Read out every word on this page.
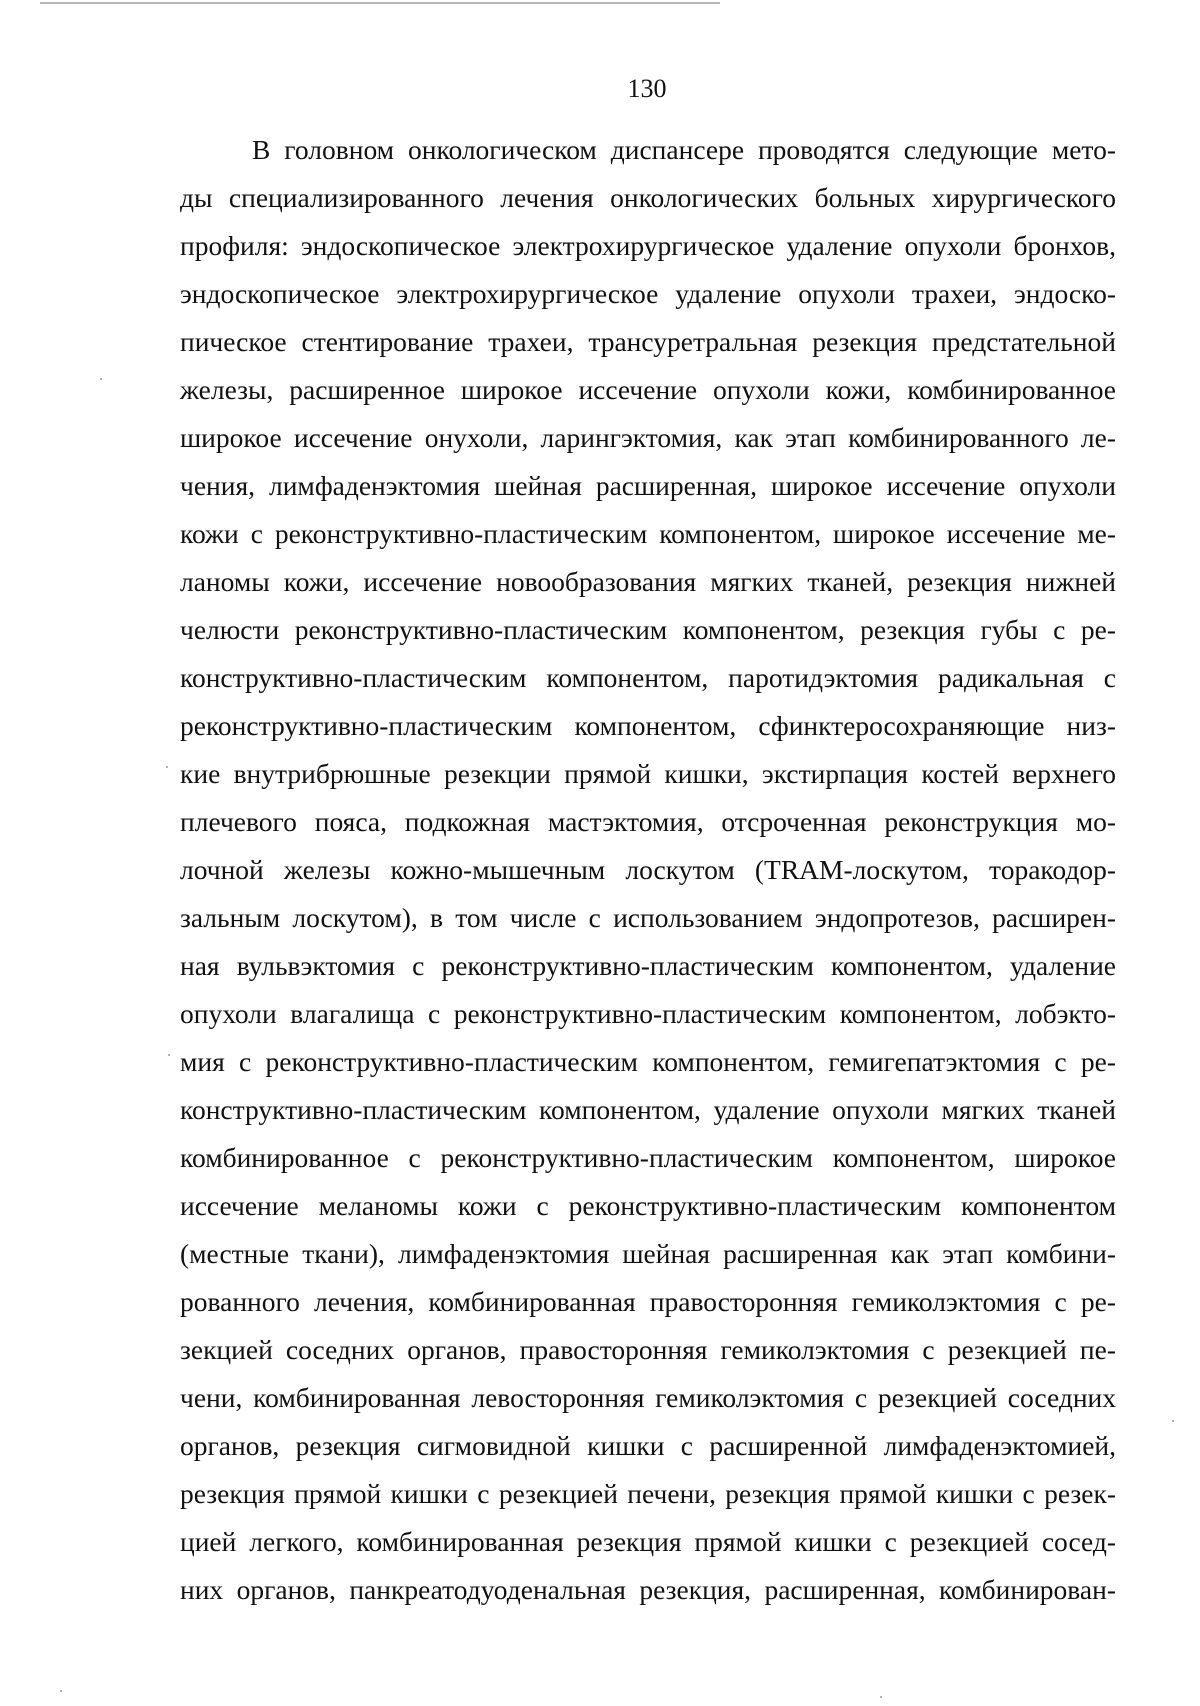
130
В головном онкологическом диспансере проводятся следующие мето-
ды специализированного лечения онкологических больных хирургического
профиля: эндоскопическое электрохирургическое удаление опухоли бронхов,
эндоскопическое электрохирургическое удаление опухоли трахеи, эндоско-
пическое стентирование трахеи, трансуретральная резекция предстательной
железы, расширенное широкое иссечение опухоли кожи, комбинированное
широкое иссечение онухоли, ларингэктомия, как этап комбинированного ле-
чения, лимфаденэктомия шейная расширенная, широкое иссечение опухоли
кожи с реконструктивно-пластическим компонентом, широкое иссечение ме-
ланомы кожи, иссечение новообразования мягких тканей, резекция нижней
челюсти реконструктивно-пластическим компонентом, резекция губы с ре-
конструктивно-пластическим компонентом, паротидэктомия радикальная с
реконструктивно-пластическим компонентом, сфинктеросохраняющие низ-
кие внутрибрюшные резекции прямой кишки, экстирпация костей верхнего
плечевого пояса, подкожная мастэктомия, отсроченная реконструкция мо-
лочной железы кожно-мышечным лоскутом (TRAM-лоскутом, торакодор-
зальным лоскутом), в том числе с использованием эндопротезов, расширен-
ная вульвэктомия с реконструктивно-пластическим компонентом, удаление
опухоли влагалища с реконструктивно-пластическим компонентом, лобэкто-
мия с реконструктивно-пластическим компонентом, гемигепатэктомия с ре-
конструктивно-пластическим компонентом, удаление опухоли мягких тканей
комбинированное с реконструктивно-пластическим компонентом, широкое
иссечение меланомы кожи с реконструктивно-пластическим компонентом
(местные ткани), лимфаденэктомия шейная расширенная как этап комбини-
рованного лечения, комбинированная правосторонняя гемиколэктомия с ре-
зекцией соседних органов, правосторонняя гемиколэктомия с резекцией пе-
чени, комбинированная левосторонняя гемиколэктомия с резекцией соседних
органов, резекция сигмовидной кишки с расширенной лимфаденэктомией,
резекция прямой кишки с резекцией печени, резекция прямой кишки с резек-
цией легкого, комбинированная резекция прямой кишки с резекцией сосед-
них органов, панкреатодуоденальная резекция, расширенная, комбинирован-
